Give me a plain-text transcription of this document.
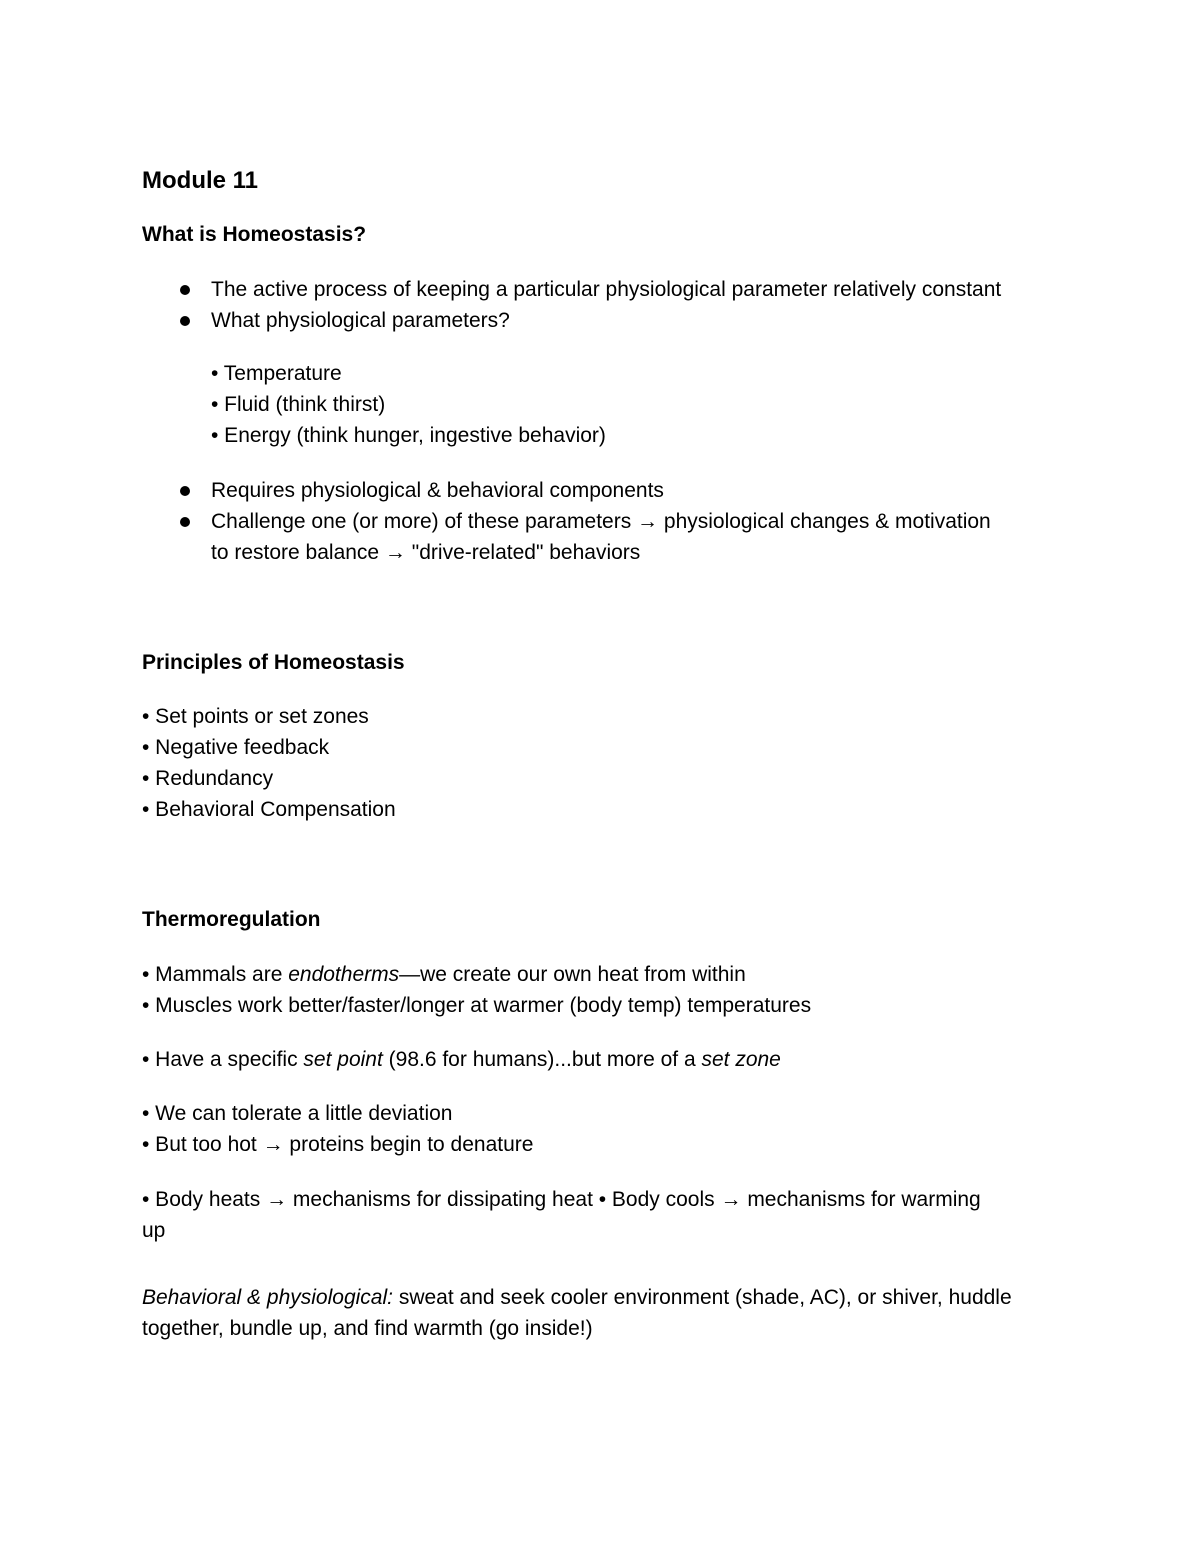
Module 11
What is Homeostasis?
The active process of keeping a particular physiological parameter relatively constant
What physiological parameters?

• Temperature

• Fluid (think thirst)

• Energy (think hunger, ingestive behavior)

Requires physiological & behavioral components
Challenge one (or more) of these parameters → physiological changes & motivation to restore balance → "drive-related" behaviors
Principles of Homeostasis

• Set points or set zones

• Negative feedback

• Redundancy

• Behavioral Compensation

Thermoregulation

• Mammals are endotherms—we create our own heat from within

• Muscles work better/faster/longer at warmer (body temp) temperatures

• Have a specific set point (98.6 for humans)...but more of a set zone

• We can tolerate a little deviation

• But too hot → proteins begin to denature

• Body heats → mechanisms for dissipating heat • Body cools → mechanisms for warming up

Behavioral & physiological: sweat and seek cooler environment (shade, AC), or shiver, huddle together, bundle up, and find warmth (go inside!)
